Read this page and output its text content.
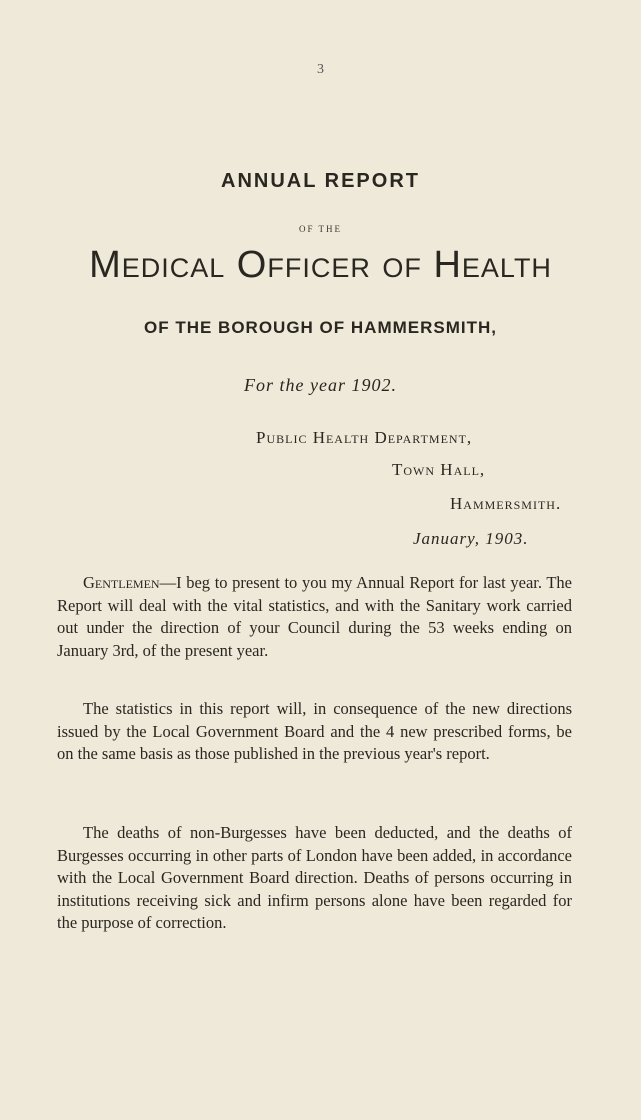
3
ANNUAL REPORT
OF THE
Medical Officer of Health
OF THE BOROUGH OF HAMMERSMITH,
For the year 1902.
Public Health Department,
Town Hall,
Hammersmith.
January, 1903.
Gentlemen—I beg to present to you my Annual Report for last year. The Report will deal with the vital statistics, and with the Sanitary work carried out under the direction of your Council during the 53 weeks ending on January 3rd, of the present year.
The statistics in this report will, in consequence of the new directions issued by the Local Government Board and the 4 new prescribed forms, be on the same basis as those published in the previous year's report.
The deaths of non-Burgesses have been deducted, and the deaths of Burgesses occurring in other parts of London have been added, in accordance with the Local Government Board direction. Deaths of persons occurring in institutions receiving sick and infirm persons alone have been regarded for the purpose of correction.
